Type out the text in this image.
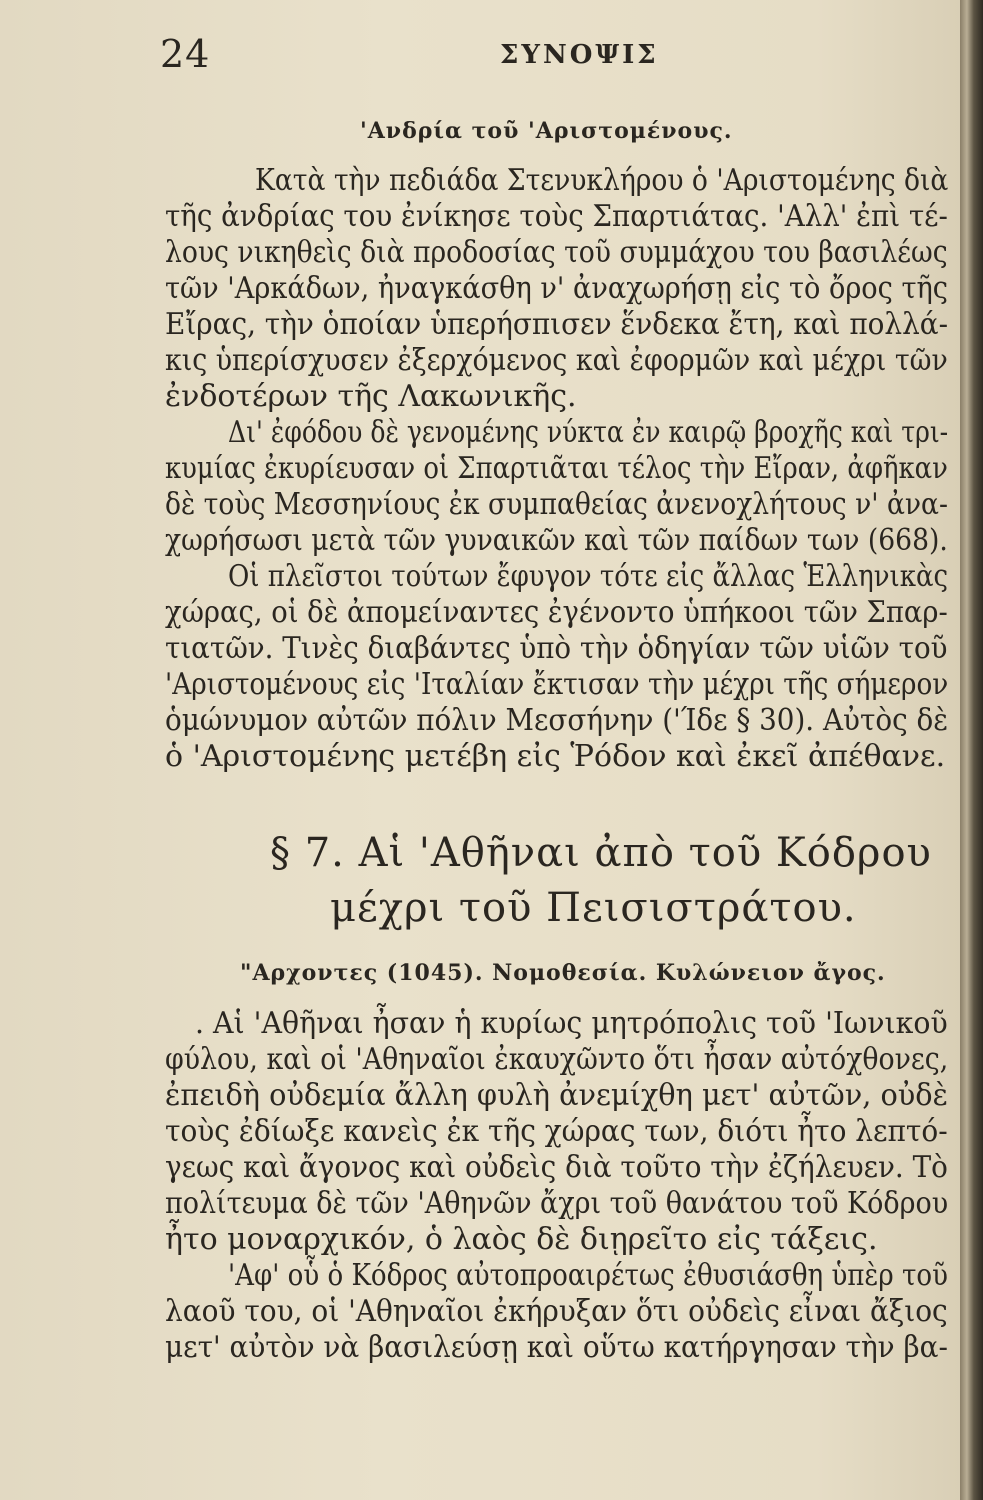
24	ΣΥΝΟΨΙΣ
'Ανδρία τοῦ 'Αριστομένους.
Κατὰ τὴν πεδιάδα Στενυκλήρου ὁ 'Αριστομένης διὰ
τῆς ἀνδρίας του ἐνίκησε τοὺς Σπαρτιάτας. 'Αλλ' ἐπὶ τέ-
λους νικηθεὶς διὰ προδοσίας τοῦ συμμάχου του βασιλέως
τῶν 'Αρκάδων, ἠναγκάσθη ν' ἀναχωρήσῃ εἰς τὸ ὄρος τῆς
Εἴρας, τὴν ὁποίαν ὑπερήσπισεν ἕνδεκα ἔτη, καὶ πολλά-
κις ὑπερίσχυσεν ἐξερχόμενος καὶ ἐφορμῶν καὶ μέχρι τῶν
ἐνδοτέρων τῆς Λακωνικῆς.
Δι' ἐφόδου δὲ γενομένης νύκτα ἐν καιρῷ βροχῆς καὶ τρι-
κυμίας ἐκυρίευσαν οἱ Σπαρτιᾶται τέλος τὴν Εἴραν, ἀφῆκαν
δὲ τοὺς Μεσσηνίους ἐκ συμπαθείας ἀνενοχλήτους ν' ἀνα-
χωρήσωσι μετὰ τῶν γυναικῶν καὶ τῶν παίδων των (668).
Οἱ πλεῖστοι τούτων ἔφυγον τότε εἰς ἄλλας Ἑλληνικὰς
χώρας, οἱ δὲ ἀπομείναντες ἐγένοντο ὑπήκοοι τῶν Σπαρ-
τιατῶν. Τινὲς διαβάντες ὑπὸ τὴν ὁδηγίαν τῶν υἱῶν τοῦ
'Αριστομένους εἰς 'Ιταλίαν ἔκτισαν τὴν μέχρι τῆς σήμερον
ὁμώνυμον αὐτῶν πόλιν Μεσσήνην ('Ίδε § 30). Αὐτὸς δὲ
ὁ 'Αριστομένης μετέβη εἰς Ῥόδον καὶ ἐκεῖ ἀπέθανε.
§ 7. Αἱ 'Αθῆναι ἀπὸ τοῦ Κόδρου
μέχρι τοῦ Πεισιστράτου.
"Αρχοντες (1045). Νομοθεσία. Κυλώνειον ἄγος.
. Αἱ 'Αθῆναι ἦσαν ἡ κυρίως μητρόπολις τοῦ 'Ιωνικοῦ
φύλου, καὶ οἱ 'Αθηναῖοι ἐκαυχῶντο ὅτι ἦσαν αὐτόχθονες,
ἐπειδὴ οὐδεμία ἄλλη φυλὴ ἀνεμίχθη μετ' αὐτῶν, οὐδὲ
τοὺς ἐδίωξε κανεὶς ἐκ τῆς χώρας των, διότι ἦτο λεπτό-
γεως καὶ ἄγονος καὶ οὐδεὶς διὰ τοῦτο τὴν ἐζήλευεν. Τὸ
πολίτευμα δὲ τῶν 'Αθηνῶν ἄχρι τοῦ θανάτου τοῦ Κόδρου
ἦτο μοναρχικόν, ὁ λαὸς δὲ διῃρεῖτο εἰς τάξεις.
'Αφ' οὗ ὁ Κόδρος αὐτοπροαιρέτως ἐθυσιάσθη ὑπὲρ τοῦ
λαοῦ του, οἱ 'Αθηναῖοι ἐκήρυξαν ὅτι οὐδεὶς εἶναι ἄξιος
μετ' αὐτὸν νὰ βασιλεύσῃ καὶ οὕτω κατήργησαν τὴν βα-
